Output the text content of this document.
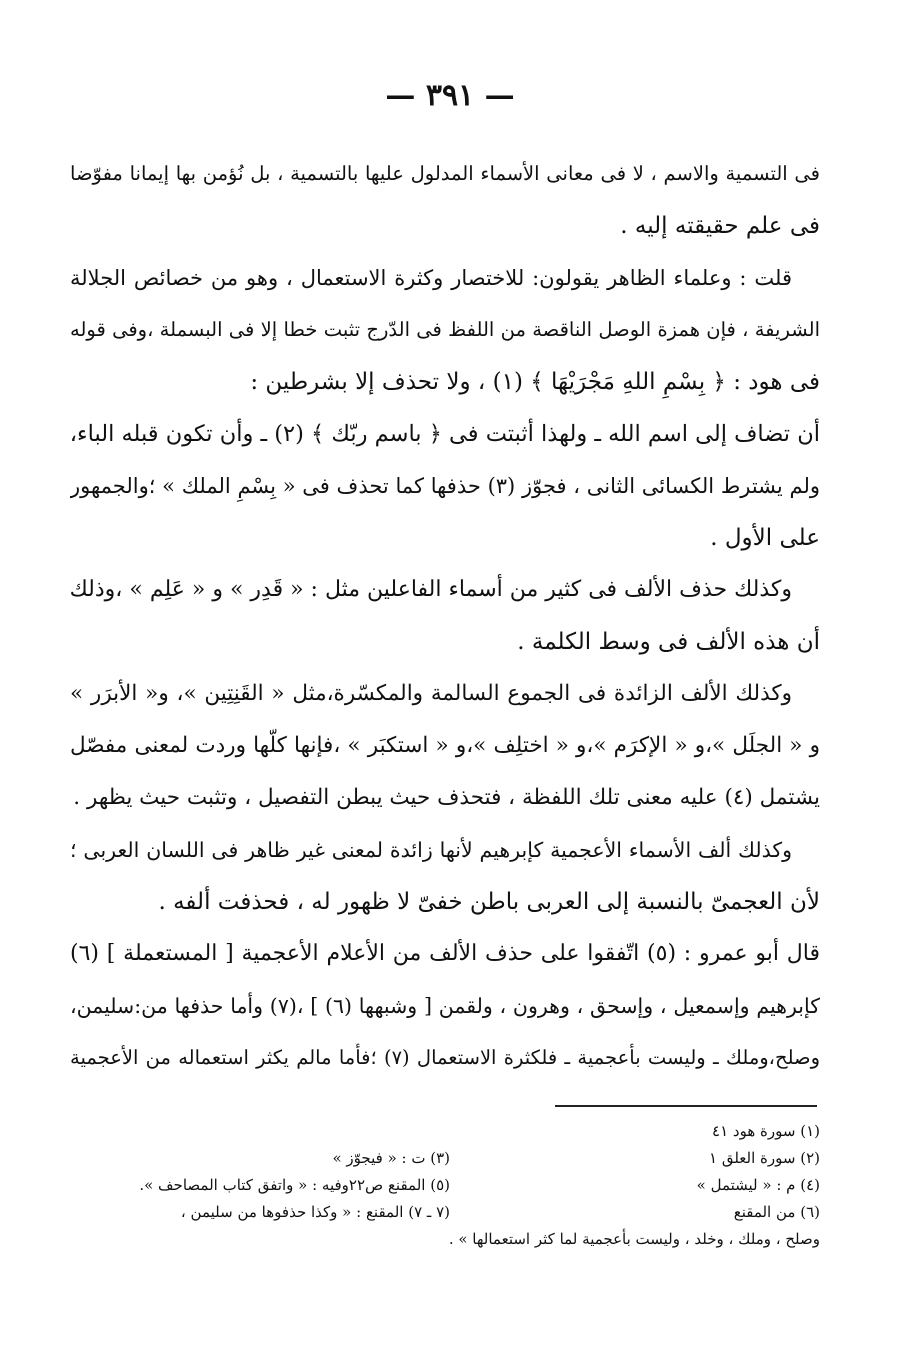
— ٣٩١ —
فى التسمية والاسم ، لا فى معانى الأسماء المدلول عليها بالتسمية ، بل نُؤمن بها إيمانا مفوّضا
فى علم حقيقته إليه .
قلت : وعلماء الظاهر يقولون: للاختصار وكثرة الاستعمال ، وهو من خصائص الجلالة
الشريفة ، فإن همزة الوصل الناقصة من اللفظ فى الدّرج تثبت خطا إلا فى البسملة ،وفى قوله
فى هود : ﴿ بِسْمِ اللهِ مَجْرَيْهَا ﴾ (١) ، ولا تحذف إلا بشرطين :
أن تضاف إلى اسم الله ـ ولهذا أثبتت فى ﴿ باسم ربّك ﴾ (٢) ـ وأن تكون قبله الباء،
ولم يشترط الكسائى الثانى ، فجوّز (٣) حذفها كما تحذف فى « بِسْمِ الملك » ؛والجمهور
على الأول .
وكذلك حذف الألف فى كثير من أسماء الفاعلين مثل : « قَدِر » و « عَلِم » ،وذلك
أن هذه الألف فى وسط الكلمة .
وكذلك الألف الزائدة فى الجموع السالمة والمكسّرة،مثل « القَنِتِين »، و« الأبرَر »
و « الجلَل »،و « الإكرَم »،و « اختلِف »،و « استكبَر » ،فإنها كلّها وردت لمعنى مفصّل
يشتمل (٤) عليه معنى تلك اللفظة ، فتحذف حيث يبطن التفصيل ، وتثبت حيث يظهر .
وكذلك ألف الأسماء الأعجمية كإبرهيم لأنها زائدة لمعنى غير ظاهر فى اللسان العربى ؛
لأن العجمىّ بالنسبة إلى العربى باطن خفىّ لا ظهور له ، فحذفت ألفه .
قال أبو عمرو : (٥) اتّفقوا على حذف الألف من الأعلام الأعجمية [ المستعملة ] (٦)
كإبرهيم وإسمعيل ، وإسحق ، وهرون ، ولقمن [ وشبهها (٦) ] ،(٧) وأما حذفها من:سليمن،
وصلح،وملك ـ وليست بأعجمية ـ فلكثرة الاستعمال (٧) ؛فأما مالم يكثر استعماله من الأعجمية
(١) سورة هود ٤١
(٢) سورة العلق ١
(٣) ت : « فيجوّز »
(٤) م : « ليشتمل »
(٥) المقنع ص٢٢وفيه : « واتفق كتاب المصاحف ».
(٦) من المقنع
(٧ ـ ٧) المقنع : « وكذا حذفوها من سليمن ،
وصلح ، وملك ، وخلد ، وليست بأعجمية لما كثر استعمالها » .
